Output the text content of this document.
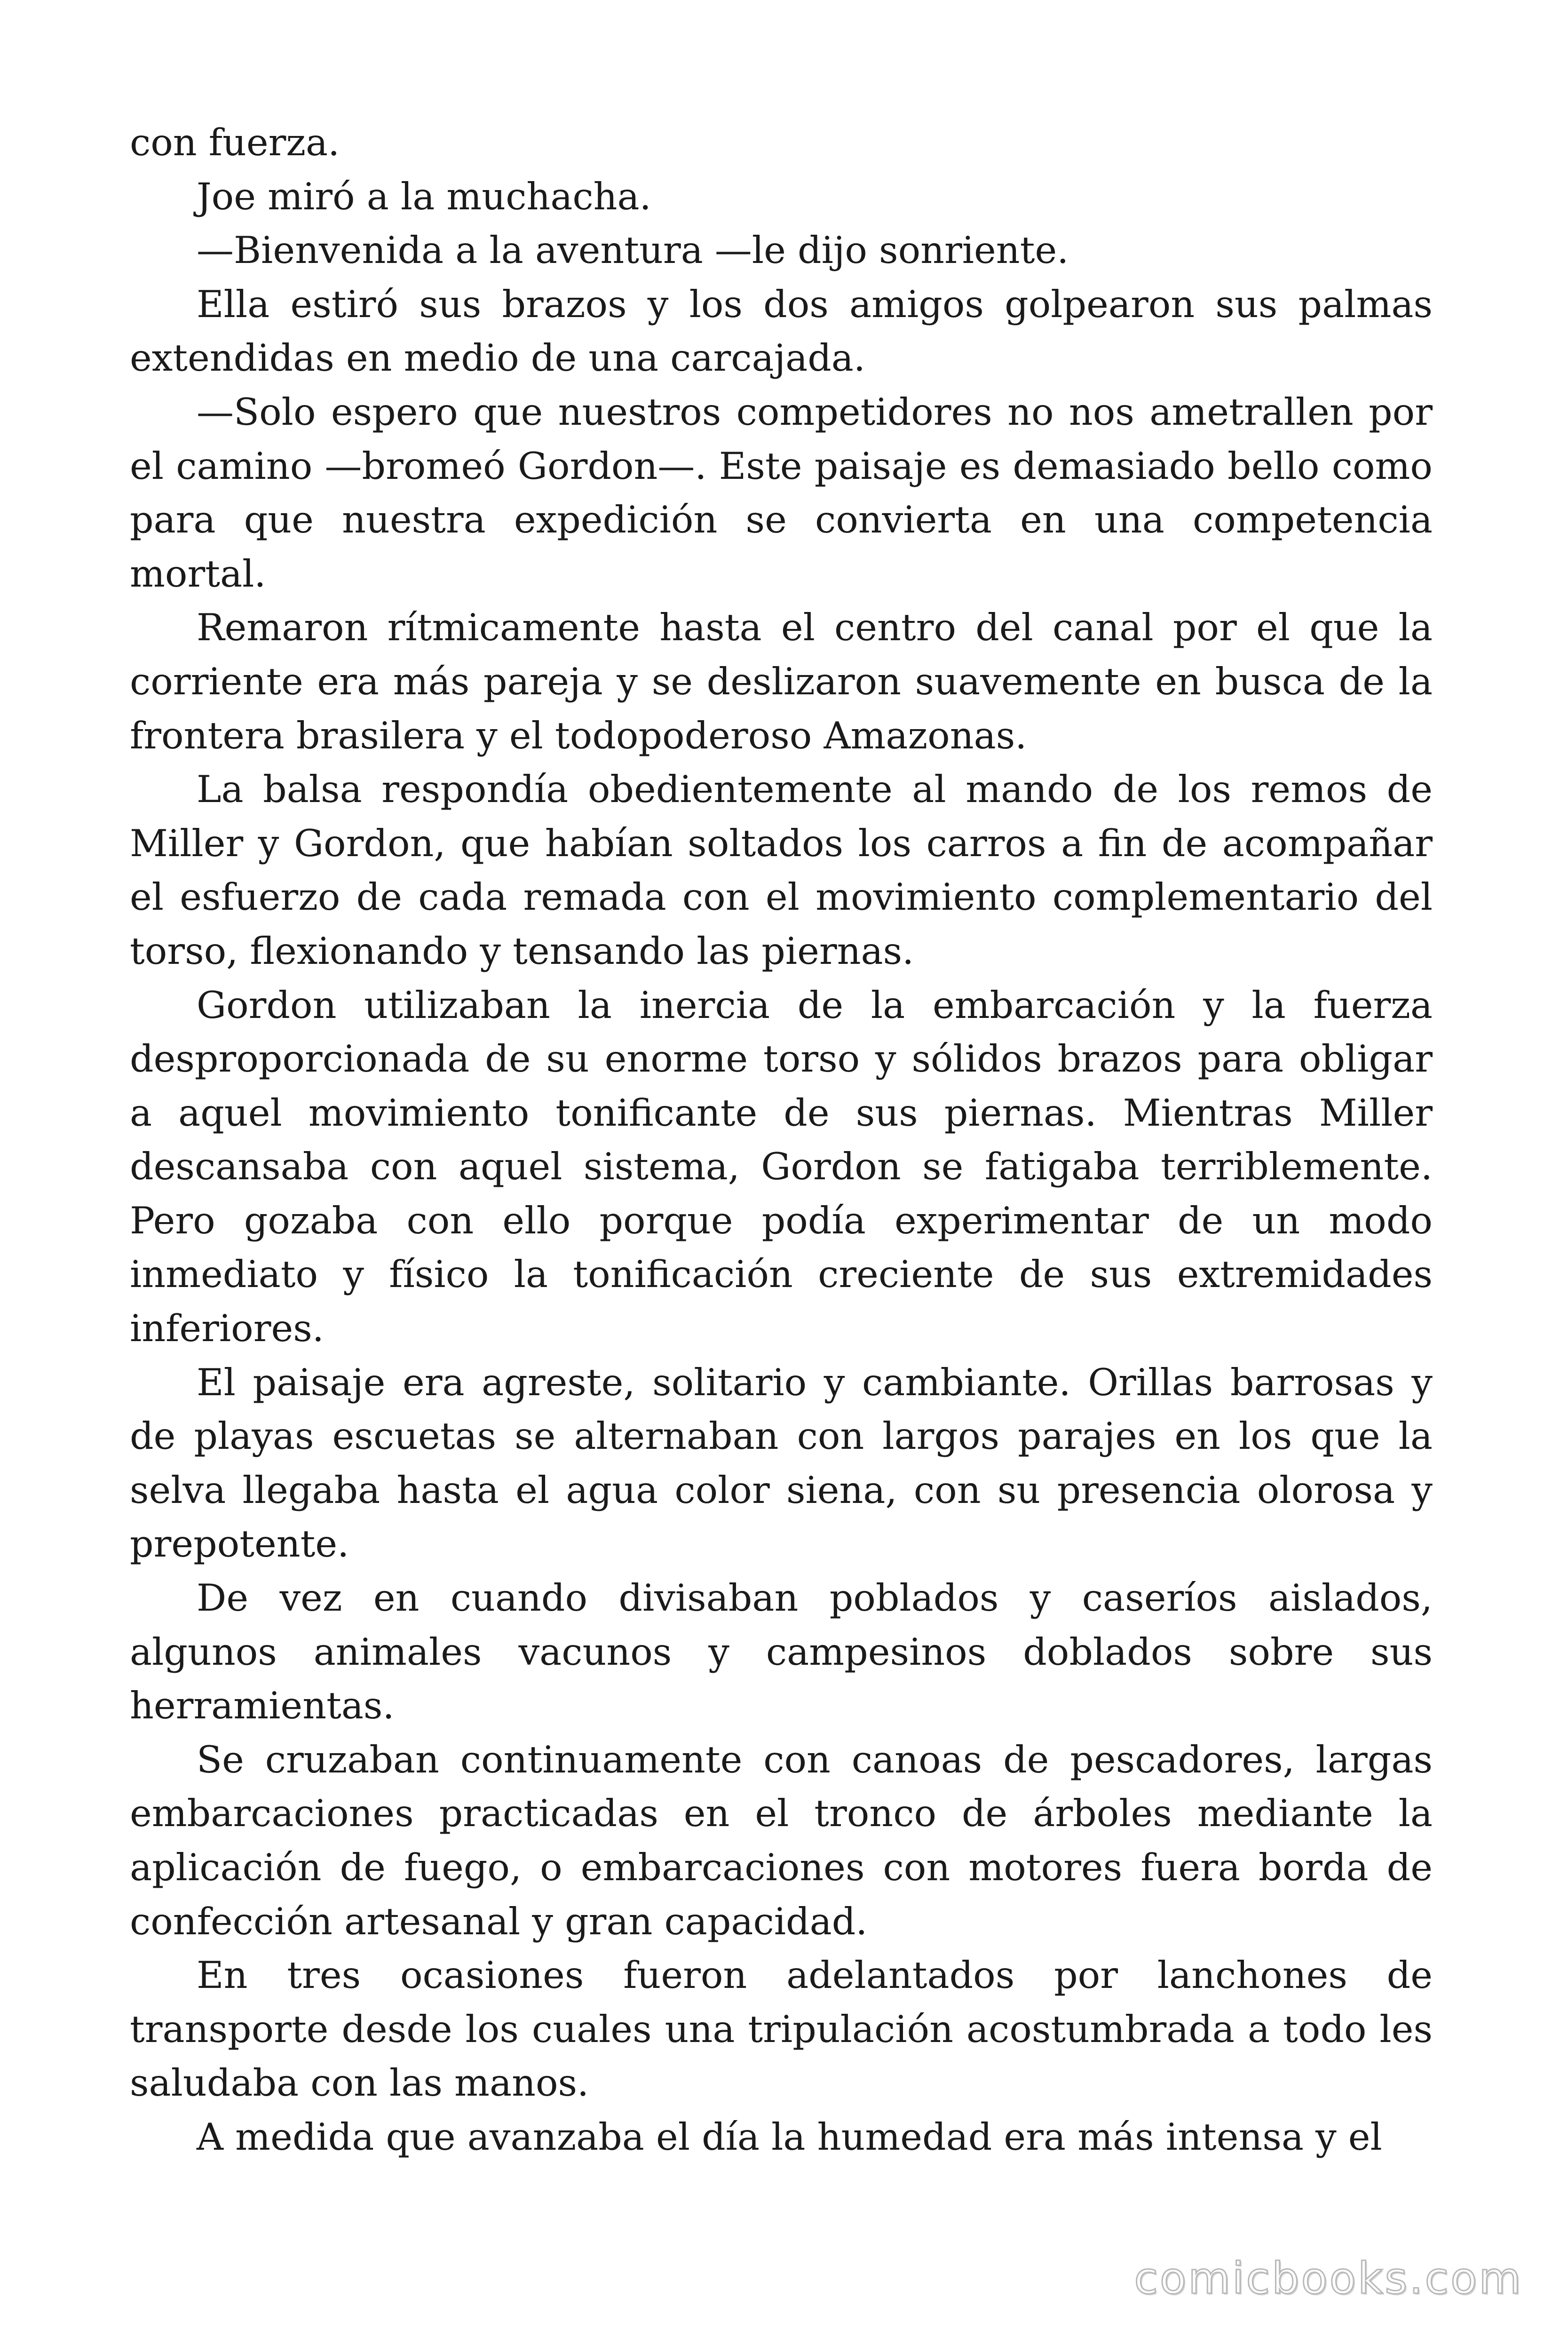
con fuerza.

Joe miró a la muchacha.

—Bienvenida a la aventura —le dijo sonriente.

Ella estiró sus brazos y los dos amigos golpearon sus palmas extendidas en medio de una carcajada.

—Solo espero que nuestros competidores no nos ametrallen por el camino —bromeó Gordon—. Este paisaje es demasiado bello como para que nuestra expedición se convierta en una competencia mortal.

Remaron rítmicamente hasta el centro del canal por el que la corriente era más pareja y se deslizaron suavemente en busca de la frontera brasilera y el todopoderoso Amazonas.

La balsa respondía obedientemente al mando de los remos de Miller y Gordon, que habían soltados los carros a fin de acompañar el esfuerzo de cada remada con el movimiento complementario del torso, flexionando y tensando las piernas.

Gordon utilizaban la inercia de la embarcación y la fuerza desproporcionada de su enorme torso y sólidos brazos para obligar a aquel movimiento tonificante de sus piernas. Mientras Miller descansaba con aquel sistema, Gordon se fatigaba terriblemente. Pero gozaba con ello porque podía experimentar de un modo inmediato y físico la tonificación creciente de sus extremidades inferiores.

El paisaje era agreste, solitario y cambiante. Orillas barrosas y de playas escuetas se alternaban con largos parajes en los que la selva llegaba hasta el agua color siena, con su presencia olorosa y prepotente.

De vez en cuando divisaban poblados y caseríos aislados, algunos animales vacunos y campesinos doblados sobre sus herramientas.

Se cruzaban continuamente con canoas de pescadores, largas embarcaciones practicadas en el tronco de árboles mediante la aplicación de fuego, o embarcaciones con motores fuera borda de confección artesanal y gran capacidad.

En tres ocasiones fueron adelantados por lanchones de transporte desde los cuales una tripulación acostumbrada a todo les saludaba con las manos.

A medida que avanzaba el día la humedad era más intensa y el

comicbooks.com
